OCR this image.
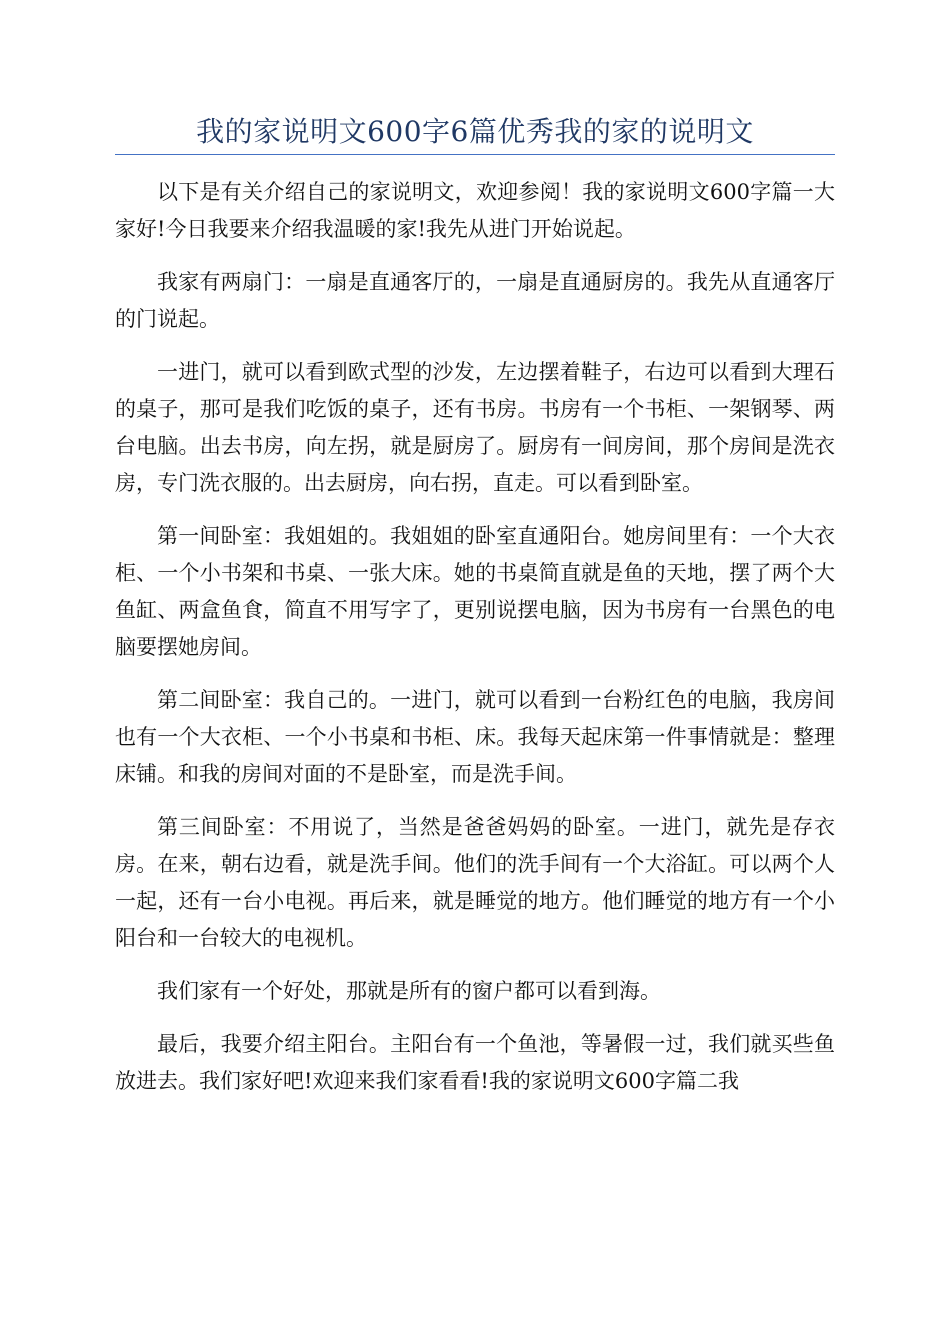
我的家说明文600字6篇优秀我的家的说明文

以下是有关介绍自己的家说明文，欢迎参阅！我的家说明文600字篇一大家好!今日我要来介绍我温暖的家!我先从进门开始说起。

我家有两扇门：一扇是直通客厅的，一扇是直通厨房的。我先从直通客厅的门说起。

一进门，就可以看到欧式型的沙发，左边摆着鞋子，右边可以看到大理石的桌子，那可是我们吃饭的桌子，还有书房。书房有一个书柜、一架钢琴、两台电脑。出去书房，向左拐，就是厨房了。厨房有一间房间，那个房间是洗衣房，专门洗衣服的。出去厨房，向右拐，直走。可以看到卧室。

第一间卧室：我姐姐的。我姐姐的卧室直通阳台。她房间里有：一个大衣柜、一个小书架和书桌、一张大床。她的书桌简直就是鱼的天地，摆了两个大鱼缸、两盒鱼食，简直不用写字了，更别说摆电脑，因为书房有一台黑色的电脑要摆她房间。

第二间卧室：我自己的。一进门，就可以看到一台粉红色的电脑，我房间也有一个大衣柜、一个小书桌和书柜、床。我每天起床第一件事情就是：整理床铺。和我的房间对面的不是卧室，而是洗手间。

第三间卧室：不用说了，当然是爸爸妈妈的卧室。一进门，就先是存衣房。在来，朝右边看，就是洗手间。他们的洗手间有一个大浴缸。可以两个人一起，还有一台小电视。再后来，就是睡觉的地方。他们睡觉的地方有一个小阳台和一台较大的电视机。

我们家有一个好处，那就是所有的窗户都可以看到海。

最后，我要介绍主阳台。主阳台有一个鱼池，等暑假一过，我们就买些鱼放进去。我们家好吧!欢迎来我们家看看!我的家说明文600字篇二我
